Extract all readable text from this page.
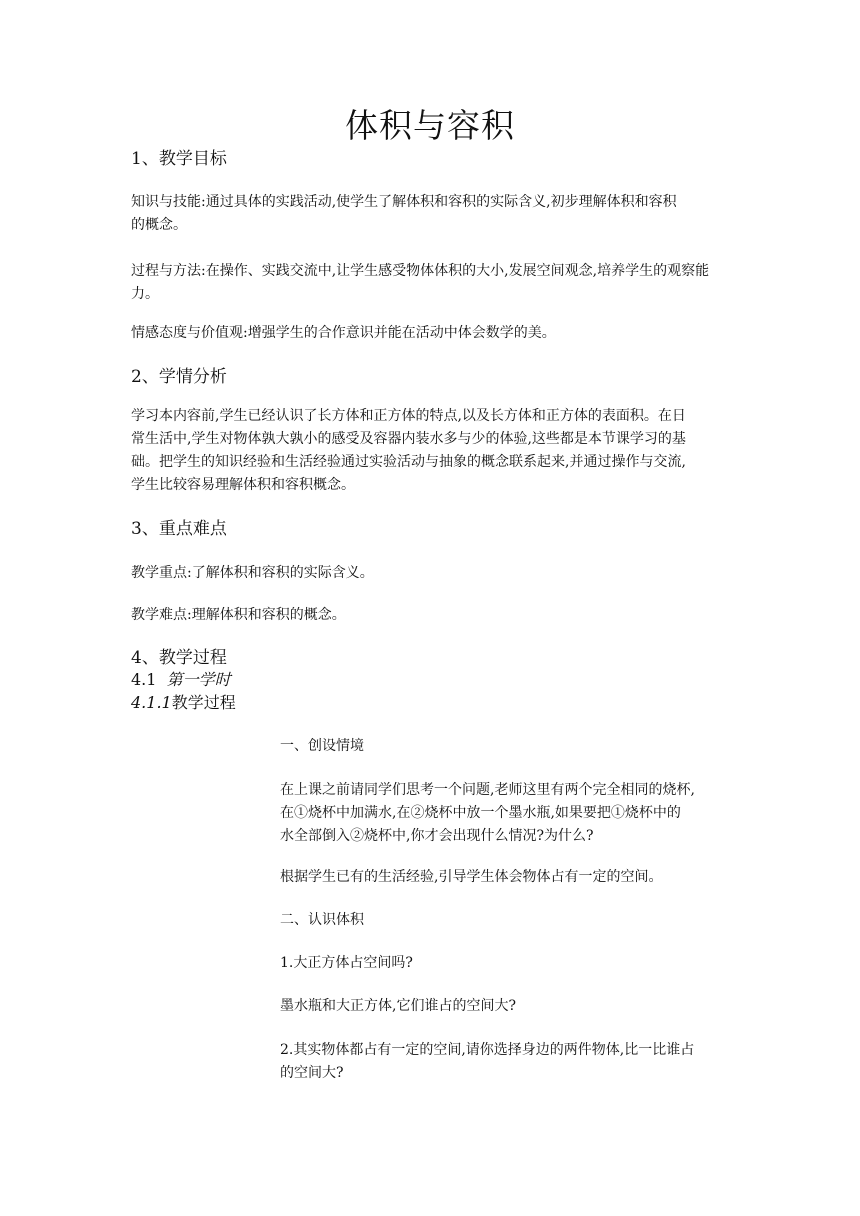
体积与容积
1、教学目标
知识与技能:通过具体的实践活动,使学生了解体积和容积的实际含义,初步理解体积和容积
的概念。
过程与方法:在操作、实践交流中,让学生感受物体体积的大小,发展空间观念,培养学生的观察能
力。
情感态度与价值观:增强学生的合作意识并能在活动中体会数学的美。
2、学情分析
学习本内容前,学生已经认识了长方体和正方体的特点,以及长方体和正方体的表面积。在日
常生活中,学生对物体孰大孰小的感受及容器内装水多与少的体验,这些都是本节课学习的基
础。把学生的知识经验和生活经验通过实验活动与抽象的概念联系起来,并通过操作与交流,
学生比较容易理解体积和容积概念。
3、重点难点
教学重点:了解体积和容积的实际含义。
教学难点:理解体积和容积的概念。
4、教学过程
4.1 第一学时
4.1.1教学过程
一、创设情境
在上课之前请同学们思考一个问题,老师这里有两个完全相同的烧杯,
在①烧杯中加满水,在②烧杯中放一个墨水瓶,如果要把①烧杯中的
水全部倒入②烧杯中,你才会出现什么情况?为什么?
根据学生已有的生活经验,引导学生体会物体占有一定的空间。
二、认识体积
1.大正方体占空间吗?
墨水瓶和大正方体,它们谁占的空间大?
2.其实物体都占有一定的空间,请你选择身边的两件物体,比一比谁占
的空间大?
